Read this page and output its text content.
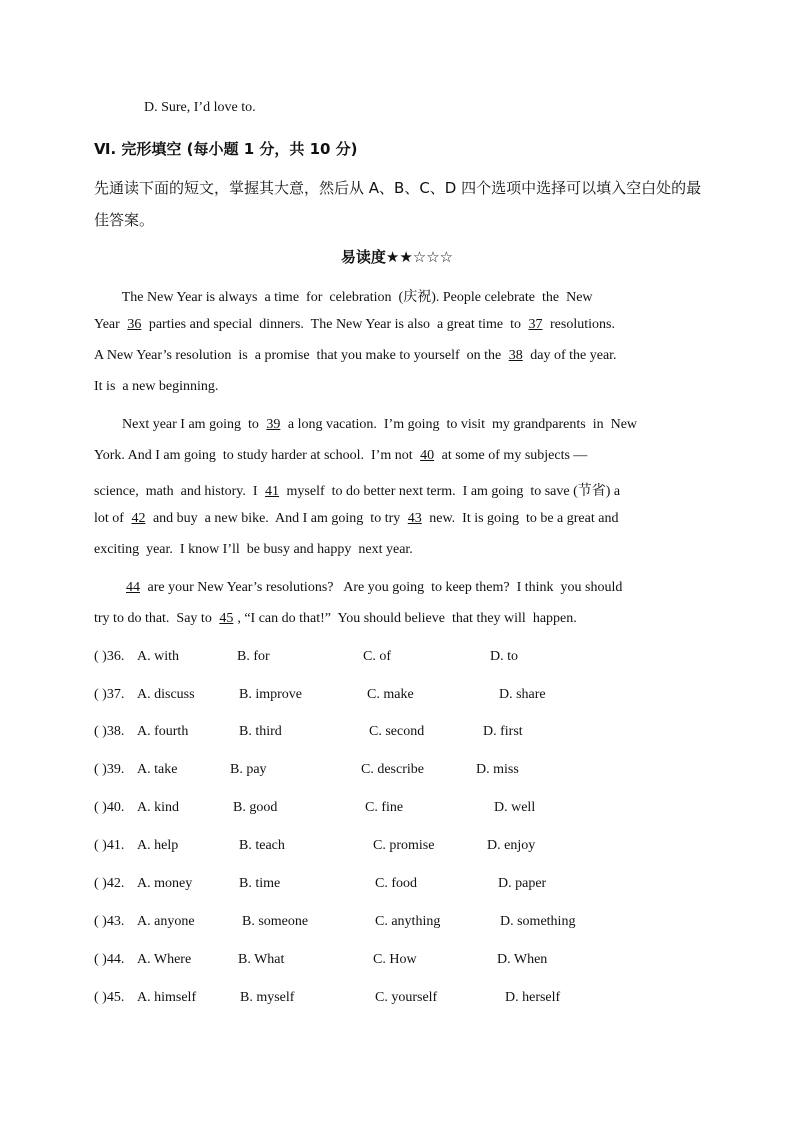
D. Sure, I’d love to.
Ⅵ. 完形填空 (每小题 1 分，共 10 分)
先通读下面的短文，掌握其大意，然后从 A、B、C、D 四个选项中选择可以填入空白处的最佳答案。
易读度★★☆☆☆
The New Year is always  a time  for  celebration  (庆祝). People celebrate  the  New
Year 36 parties and special  dinners.  The New Year is also  a great time  to 37 resolutions.
A New Year’s resolution  is  a promise  that you make to yourself  on the 38 day of the year.
It is  a new beginning.
Next year I am going  to 39 a long vacation.  I’m going  to visit  my grandparents  in  New
York. And I am going  to study harder at school.  I’m not 40 at some of my subjects —
science,  math  and history.  I 41 myself  to do better next term.  I am going  to save (节省) a
lot of 42 and buy  a new bike.  And I am going  to try 43 new.  It is going  to be a great and
exciting  year.  I know I’ll  be busy and happy  next year.
44 are your New Year’s resolutions?   Are you going  to keep them?  I think  you should
try to do that.  Say to 45 , “I can do that!”  You should believe  that they will  happen.
( )36. A. with	B. for	C. of	D. to
( )37. A. discuss	B. improve	C. make	D. share
( )38. A. fourth	B. third	C. second	D. first
( )39. A. take	B. pay	C. describe	D. miss
( )40. A. kind	B. good	C. fine	D. well
( )41. A. help	B. teach	C. promise	D. enjoy
( )42. A. money	B. time	C. food	D. paper
( )43. A. anyone	B. someone	C. anything	D. something
( )44. A. Where	B. What	C. How	D. When
( )45. A. himself	B. myself	C. yourself	D. herself
